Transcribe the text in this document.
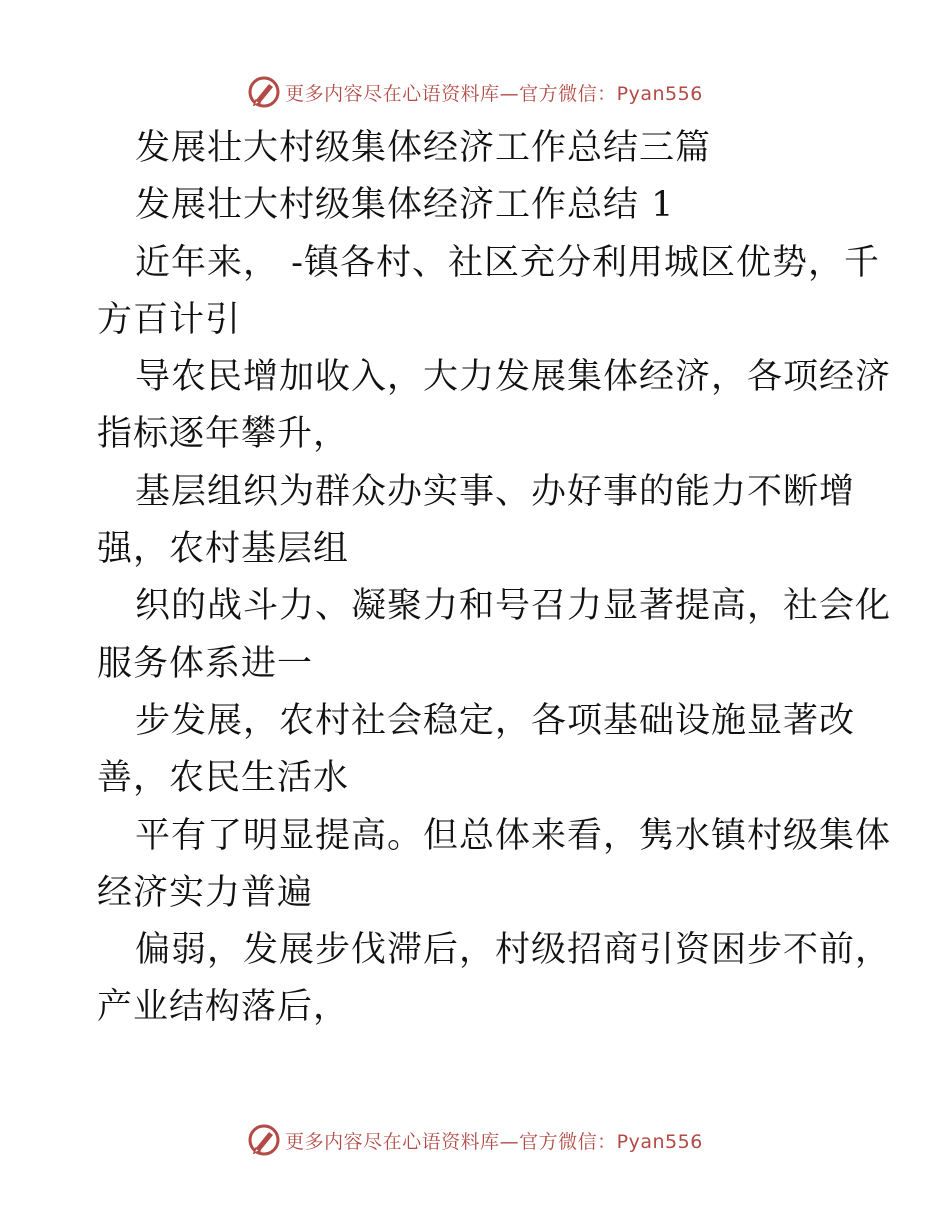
更多内容尽在心语资料库—官方微信：Pyan556
发展壮大村级集体经济工作总结三篇
发展壮大村级集体经济工作总结 1
近年来， -镇各村、社区充分利用城区优势，千
方百计引
导农民增加收入，大力发展集体经济，各项经济
指标逐年攀升，
基层组织为群众办实事、办好事的能力不断增
强，农村基层组
织的战斗力、凝聚力和号召力显著提高，社会化
服务体系进一
步发展，农村社会稳定，各项基础设施显著改
善，农民生活水
平有了明显提高。但总体来看，隽水镇村级集体
经济实力普遍
偏弱，发展步伐滞后，村级招商引资困步不前，
产业结构落后，
更多内容尽在心语资料库—官方微信：Pyan556
